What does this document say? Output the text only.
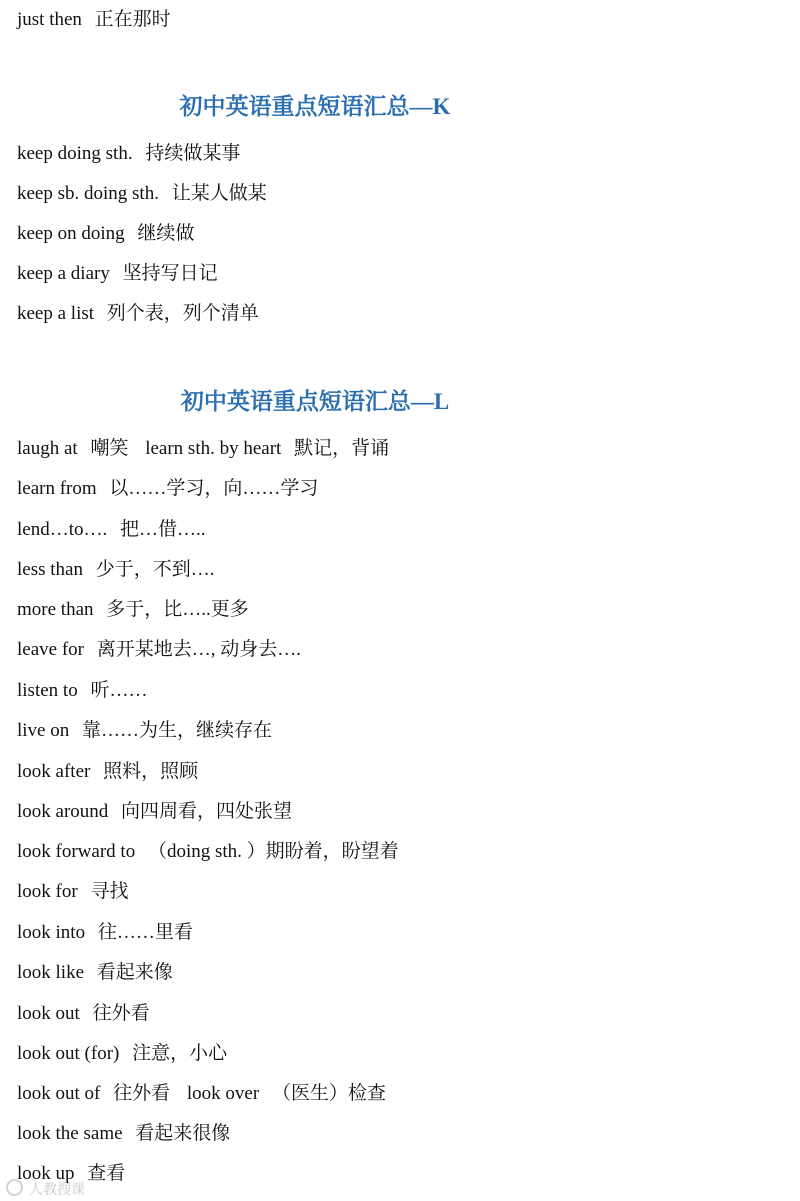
just then 正在那时
初中英语重点短语汇总—K
keep doing sth. 持续做某事
keep sb. doing sth. 让某人做某
keep on doing 继续做
keep a diary 坚持写日记
keep a list 列个表，列个清单
初中英语重点短语汇总—L
laugh at 嘲笑 learn sth. by heart 默记，背诵
learn from 以……学习，向……学习
lend…to…. 把…借…..
less than 少于，不到….
more than 多于，比…..更多
leave for 离开某地去…, 动身去….
listen to 听……
live on 靠……为生，继续存在
look after 照料，照顾
look around 向四周看，四处张望
look forward to （doing sth. ）期盼着，盼望着
look for 寻找
look into 往……里看
look like 看起来像
look out 往外看
look out (for) 注意，小心
look out of 往外看 look over （医生）检查
look the same 看起来很像
look up 查看
人教搜课
